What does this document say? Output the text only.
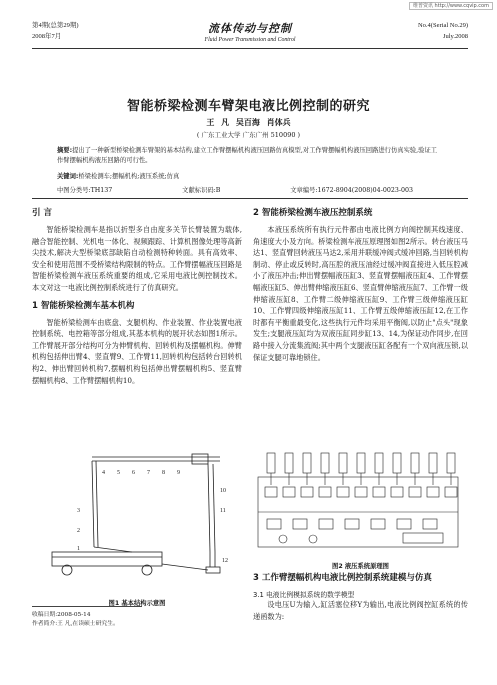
维普资讯 http://www.cqvip.com
第4期(总第29期)
2008年7月
流体传动与控制
Fluid Power Transmission and Control
No.4(Serial No.29)
July.2008
智能桥梁检测车臂架电液比例控制的研究
王 凡 吴百海 肖体兵
( 广东工业大学 广东广州 510090 )
摘要:提出了一种新型桥梁检测车臂架的基本结构,建立工作臂摆幅机构液压回路仿真模型,对工作臂摆幅机构液压回路进行仿真实验,验证工作臂摆幅机构液压回路的可行性。
关键词:桥梁检测车;摆幅机构;液压系统;仿真
中图分类号:TH137	文献标识码:B	文章编号:1672-8904(2008)04-0023-003
引 言

智能桥梁检测车是指以折型多自由度多关节长臂装置为载体,融合智能控制、光机电一体化、视频跟踪、计算机图像处理等高新尖技术,解决大型桥梁底部缺陷自动检测特种转面。具有高效率、安全和使用范围不受桥梁结构限制的特点。工作臂摆幅液压回路是智能桥梁检测车液压系统重要的组成,它采用电液比例控制技术。本文对这一电液比例控制系统进行了仿真研究。

1 智能桥梁检测车基本机构

智能桥梁检测车由底盘、支腿机构、作业装置、作业装置电液控制系统、电控箱等部分组成,其基本机构的展开状态如图1所示。工作臂展开部分结构可分为伸臂机构、回转机构及摆幅机构。伸臂机构包括伸出臂4、竖直臂9、工作臂11,回转机构包括转台回转机构2、伸出臂回转机构7,摆幅机构包括伸出臂摆幅机构5、竖直臂摆幅机构8、工作臂摆幅机构10。

4 5 6 7 8 9
10
11
12
3
2
1
图1 基本结构示意图
收稿日期:2008-05-14
作者简介:王 凡,在读硕士研究生。
2 智能桥梁检测车液压控制系统

本液压系统所有执行元件都由电液比例方向阀控制其线速度、角速度大小及方向。桥梁检测车液压原理图如图2所示。转台液压马达1、竖直臂回转液压马达2,采用并联缓冲阀式缓冲回路,当回转机构制动、停止或反转时,高压腔的液压油经过缓冲阀直接进入低压腔减小了液压冲击;伸出臂摆幅液压缸3、竖直臂摆幅液压缸4、工作臂摆幅液压缸5、伸出臂伸缩液压缸6、竖直臂伸缩液压缸7、工作臂一级伸缩液压缸8、工作臂二级伸缩液压缸9、工作臂三级伸缩液压缸10、工作臂四级伸缩液压缸11、工作臂五级伸缩液压缸12,在工作时都有平衡重最变化,这些执行元件均采用平衡阀,以防止"点头"现象发生;支腿液压缸均为双液压缸同步缸13、14,为保证动作同步,在回路中接入分流集流阀;其中两个支腿液压缸各配有一个双向液压锁,以保证支腿可靠地锁住。

图2 液压系统原理图
3 工作臂摆幅机构电液比例控制系统建模与仿真
3.1 电液比例模拟系统的数学模型
设电压U为输入,缸活塞位移Y为输出,电液比例阀控缸系统的传递函数为:
